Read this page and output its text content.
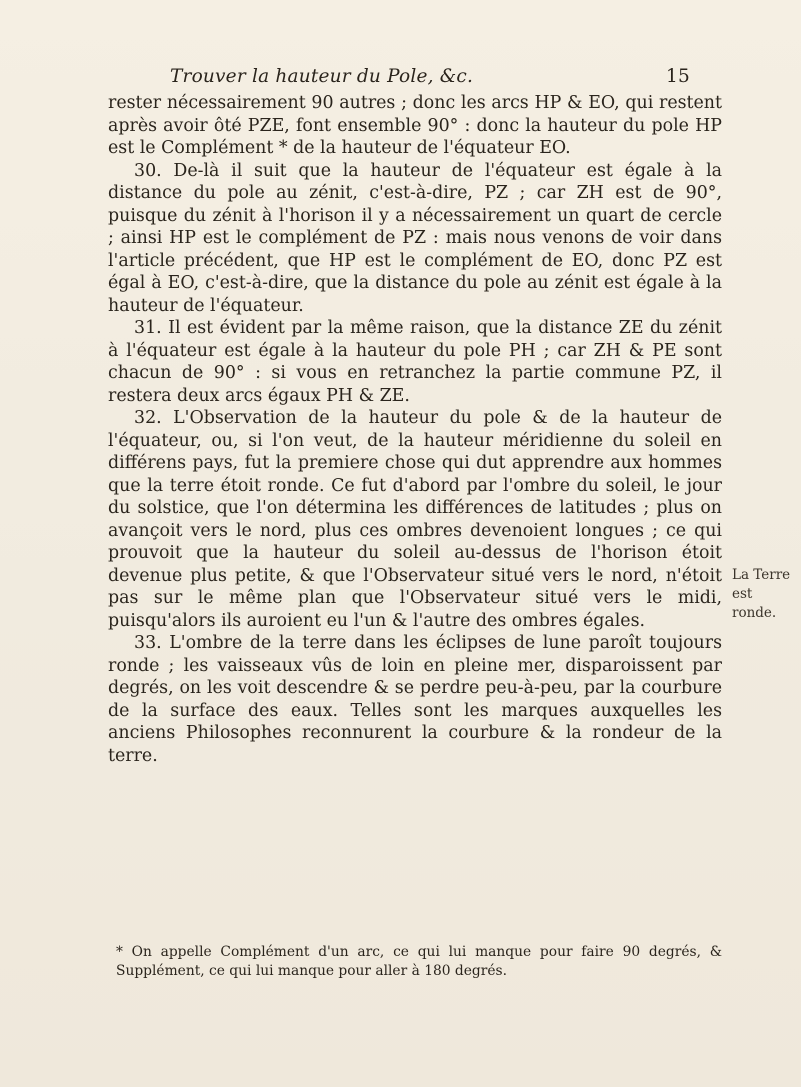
Trouver la hauteur du Pole, &c.	15

rester nécessairement 90 autres ; donc les arcs HP & EO, qui restent après avoir ôté PZE, font ensemble 90° : donc la hauteur du pole HP est le Complément * de la hauteur de l'équateur EO.

30. De-là il suit que la hauteur de l'équateur est égale à la distance du pole au zénit, c'est-à-dire, PZ ; car ZH est de 90°, puisque du zénit à l'horison il y a nécessairement un quart de cercle ; ainsi HP est le complément de PZ : mais nous venons de voir dans l'article précédent, que HP est le complément de EO, donc PZ est égal à EO, c'est-à-dire, que la distance du pole au zénit est égale à la hauteur de l'équateur.

31. Il est évident par la même raison, que la distance ZE du zénit à l'équateur est égale à la hauteur du pole PH ; car ZH & PE sont chacun de 90° : si vous en retranchez la partie commune PZ, il restera deux arcs égaux PH & ZE.

32. L'Observation de la hauteur du pole & de la hauteur de l'équateur, ou, si l'on veut, de la hauteur méridienne du soleil en différens pays, fut la premiere chose qui dut apprendre aux hommes que la terre étoit ronde. Ce fut d'abord par l'ombre du soleil, le jour du solstice, que l'on détermina les différences de latitudes ; plus on avançoit vers le nord, plus ces ombres devenoient longues ; ce qui prouvoit que la hauteur du soleil au-dessus de l'horison étoit devenue plus petite, & que l'Observateur situé vers le nord, n'étoit pas sur le même plan que l'Observateur situé vers le midi, puisqu'alors ils auroient eu l'un & l'autre des ombres égales.

33. L'ombre de la terre dans les éclipses de lune paroît toujours ronde ; les vaisseaux vûs de loin en pleine mer, disparoissent par degrés, on les voit descendre & se perdre peu-à-peu, par la courbure de la surface des eaux. Telles sont les marques auxquelles les anciens Philosophes reconnurent la courbure & la rondeur de la terre.

La Terre est ronde.
* On appelle Complément d'un arc, ce qui lui manque pour faire 90 degrés, & Supplément, ce qui lui manque pour aller à 180 degrés.
